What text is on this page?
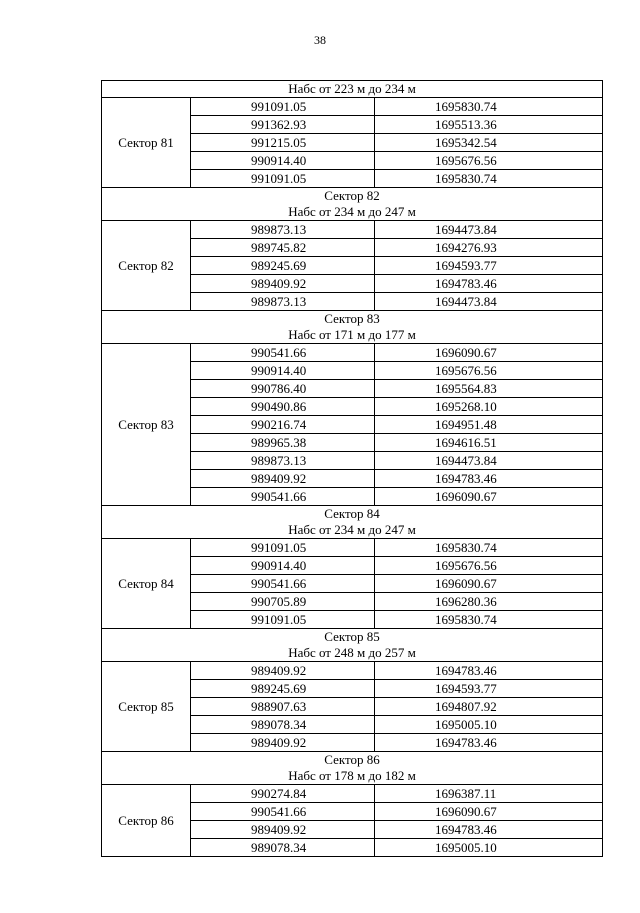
38
Набс от 223 м до 234 м		

Сектор 81	991091.05	1695830.74
	991362.93	1695513.36
	991215.05	1695342.54
	990914.40	1695676.56
	991091.05	1695830.74

Сектор 82
Набс от 234 м до 247 м		

Сектор 82	989873.13	1694473.84
	989745.82	1694276.93
	989245.69	1694593.77
	989409.92	1694783.46
	989873.13	1694473.84

Сектор 83
Набс от 171 м до 177 м		

Сектор 83	990541.66	1696090.67
	990914.40	1695676.56
	990786.40	1695564.83
	990490.86	1695268.10
	990216.74	1694951.48
	989965.38	1694616.51
	989873.13	1694473.84
	989409.92	1694783.46
	990541.66	1696090.67

Сектор 84
Набс от 234 м до 247 м		

Сектор 84	991091.05	1695830.74
	990914.40	1695676.56
	990541.66	1696090.67
	990705.89	1696280.36
	991091.05	1695830.74

Сектор 85
Набс от 248 м до 257 м		

Сектор 85	989409.92	1694783.46
	989245.69	1694593.77
	988907.63	1694807.92
	989078.34	1695005.10
	989409.92	1694783.46

Сектор 86
Набс от 178 м до 182 м		

Сектор 86	990274.84	1696387.11
	990541.66	1696090.67
	989409.92	1694783.46
	989078.34	1695005.10
